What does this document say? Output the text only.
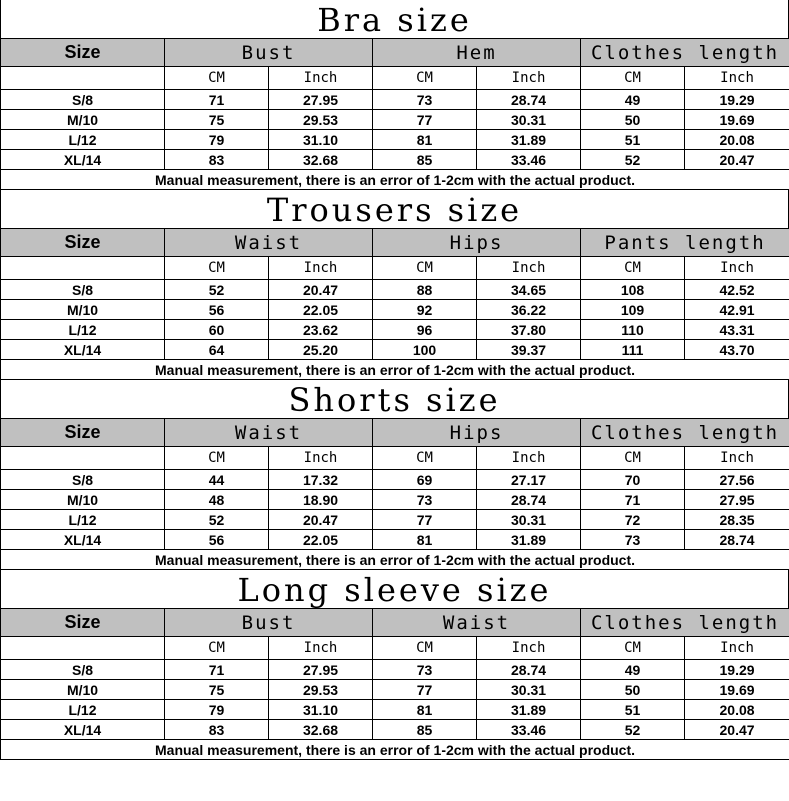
Bra size
Size	Bust		Hem		Clothes length	
	CM	Inch	CM	Inch	CM	Inch
S/8	71	27.95	73	28.74	49	19.29
M/10	75	29.53	77	30.31	50	19.69
L/12	79	31.10	81	31.89	51	20.08
XL/14	83	32.68	85	33.46	52	20.47
Manual measurement, there is an error of 1-2cm with the actual product.						
Trousers size
Size	Waist		Hips		Pants length	
	CM	Inch	CM	Inch	CM	Inch
S/8	52	20.47	88	34.65	108	42.52
M/10	56	22.05	92	36.22	109	42.91
L/12	60	23.62	96	37.80	110	43.31
XL/14	64	25.20	100	39.37	111	43.70
Manual measurement, there is an error of 1-2cm with the actual product.						
Shorts size
Size	Waist		Hips		Clothes length	
	CM	Inch	CM	Inch	CM	Inch
S/8	44	17.32	69	27.17	70	27.56
M/10	48	18.90	73	28.74	71	27.95
L/12	52	20.47	77	30.31	72	28.35
XL/14	56	22.05	81	31.89	73	28.74
Manual measurement, there is an error of 1-2cm with the actual product.						
Long sleeve size
Size	Bust		Waist		Clothes length	
	CM	Inch	CM	Inch	CM	Inch
S/8	71	27.95	73	28.74	49	19.29
M/10	75	29.53	77	30.31	50	19.69
L/12	79	31.10	81	31.89	51	20.08
XL/14	83	32.68	85	33.46	52	20.47
Manual measurement, there is an error of 1-2cm with the actual product.						
